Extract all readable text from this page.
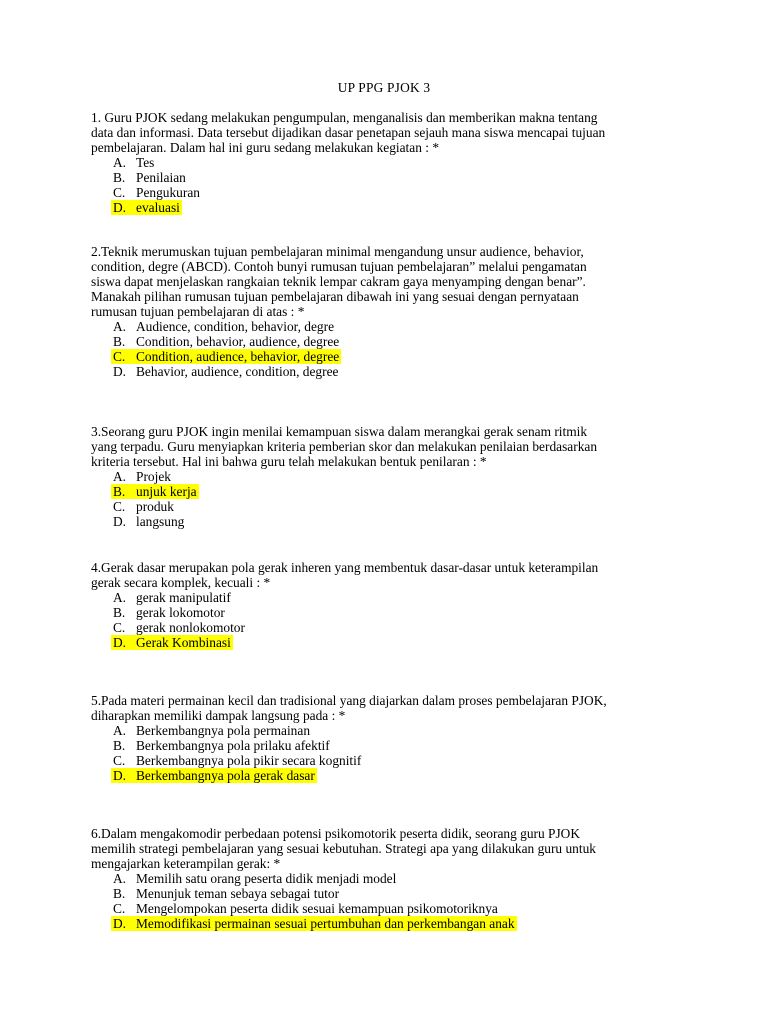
UP PPG PJOK 3

1. Guru PJOK sedang melakukan pengumpulan, menganalisis dan memberikan makna tentang
data dan informasi. Data tersebut dijadikan dasar penetapan sejauh mana siswa mencapai tujuan
pembelajaran. Dalam hal ini guru sedang melakukan kegiatan : *

A. Tes
B. Penilaian
C. Pengukuran
D. evaluasi

2.Teknik merumuskan tujuan pembelajaran minimal mengandung unsur audience, behavior,
condition, degre (ABCD). Contoh bunyi rumusan tujuan pembelajaran” melalui pengamatan
siswa dapat menjelaskan rangkaian teknik lempar cakram gaya menyamping dengan benar”.
Manakah pilihan rumusan tujuan pembelajaran dibawah ini yang sesuai dengan pernyataan
rumusan tujuan pembelajaran di atas : *

A. Audience, condition, behavior, degre
B. Condition, behavior, audience, degree
C. Condition, audience, behavior, degree
D. Behavior, audience, condition, degree

3.Seorang guru PJOK ingin menilai kemampuan siswa dalam merangkai gerak senam ritmik
yang terpadu. Guru menyiapkan kriteria pemberian skor dan melakukan penilaian berdasarkan
kriteria tersebut. Hal ini bahwa guru telah melakukan bentuk penilaran : *

A. Projek
B. unjuk kerja
C. produk
D. langsung

4.Gerak dasar merupakan pola gerak inheren yang membentuk dasar-dasar untuk keterampilan
gerak secara komplek, kecuali : *

A. gerak manipulatif
B. gerak lokomotor
C. gerak nonlokomotor
D. Gerak Kombinasi

5.Pada materi permainan kecil dan tradisional yang diajarkan dalam proses pembelajaran PJOK,
diharapkan memiliki dampak langsung pada : *

A. Berkembangnya pola permainan
B. Berkembangnya pola prilaku afektif
C. Berkembangnya pola pikir secara kognitif
D. Berkembangnya pola gerak dasar

6.Dalam mengakomodir perbedaan potensi psikomotorik peserta didik, seorang guru PJOK
memilih strategi pembelajaran yang sesuai kebutuhan. Strategi apa yang dilakukan guru untuk
mengajarkan keterampilan gerak: *

A. Memilih satu orang peserta didik menjadi model
B. Menunjuk teman sebaya sebagai tutor
C. Mengelompokan peserta didik sesuai kemampuan psikomotoriknya
D. Memodifikasi permainan sesuai pertumbuhan dan perkembangan anak
